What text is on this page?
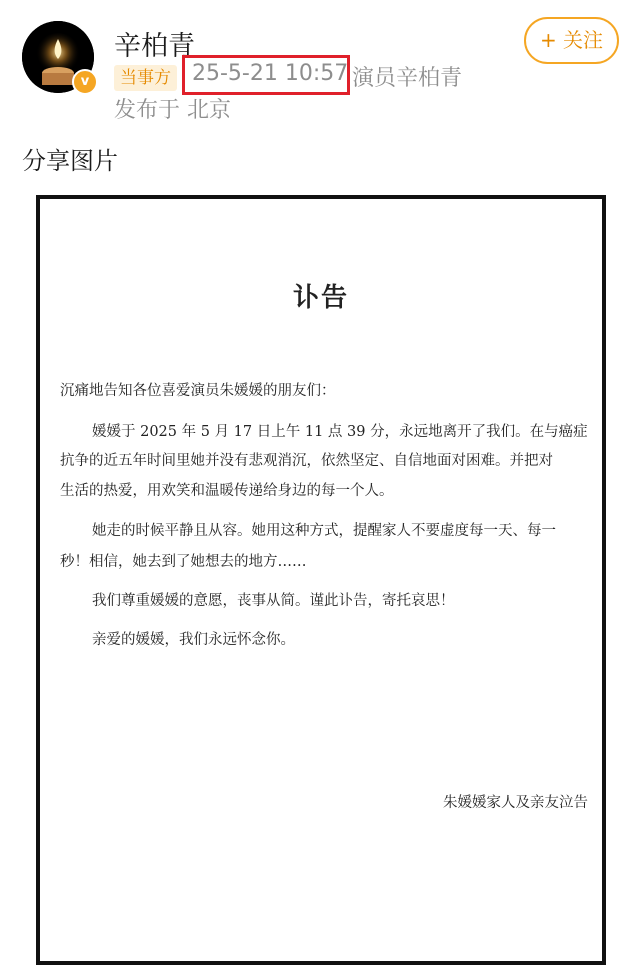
v
辛柏青
当事方 25-5-21 10:57 演员辛柏青
发布于 北京
+ 关注
分享图片
讣告
沉痛地告知各位喜爱演员朱媛媛的朋友们：
媛媛于 2025 年 5 月 17 日上午 11 点 39 分，永远地离开了我们。在与癌症
抗争的近五年时间里她并没有悲观消沉，依然坚定、自信地面对困难。并把对
生活的热爱，用欢笑和温暖传递给身边的每一个人。
她走的时候平静且从容。她用这种方式，提醒家人不要虚度每一天、每一
秒！相信，她去到了她想去的地方……
我们尊重媛媛的意愿，丧事从简。谨此讣告，寄托哀思！
亲爱的媛媛，我们永远怀念你。
朱媛媛家人及亲友泣告
